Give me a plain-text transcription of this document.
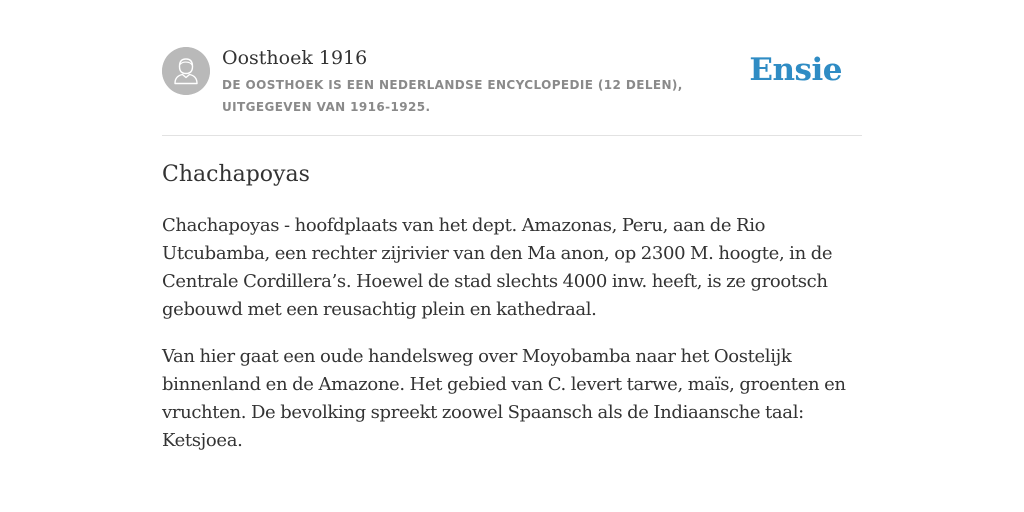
Oosthoek 1916
DE OOSTHOEK IS EEN NEDERLANDSE ENCYCLOPEDIE (12 DELEN), UITGEGEVEN VAN 1916-1925.
Ensie
Chachapoyas

Chachapoyas - hoofdplaats van het dept. Amazonas, Peru, aan de Rio Utcubamba, een rechter zijrivier van den Ma anon, op 2300 M. hoogte, in de Centrale Cordillera’s. Hoewel de stad slechts 4000 inw. heeft, is ze grootsch gebouwd met een reusachtig plein en kathedraal.

Van hier gaat een oude handelsweg over Moyobamba naar het Oostelijk binnenland en de Amazone. Het gebied van C. levert tarwe, maïs, groenten en vruchten. De bevolking spreekt zoowel Spaansch als de Indiaansche taal: Ketsjoea.
